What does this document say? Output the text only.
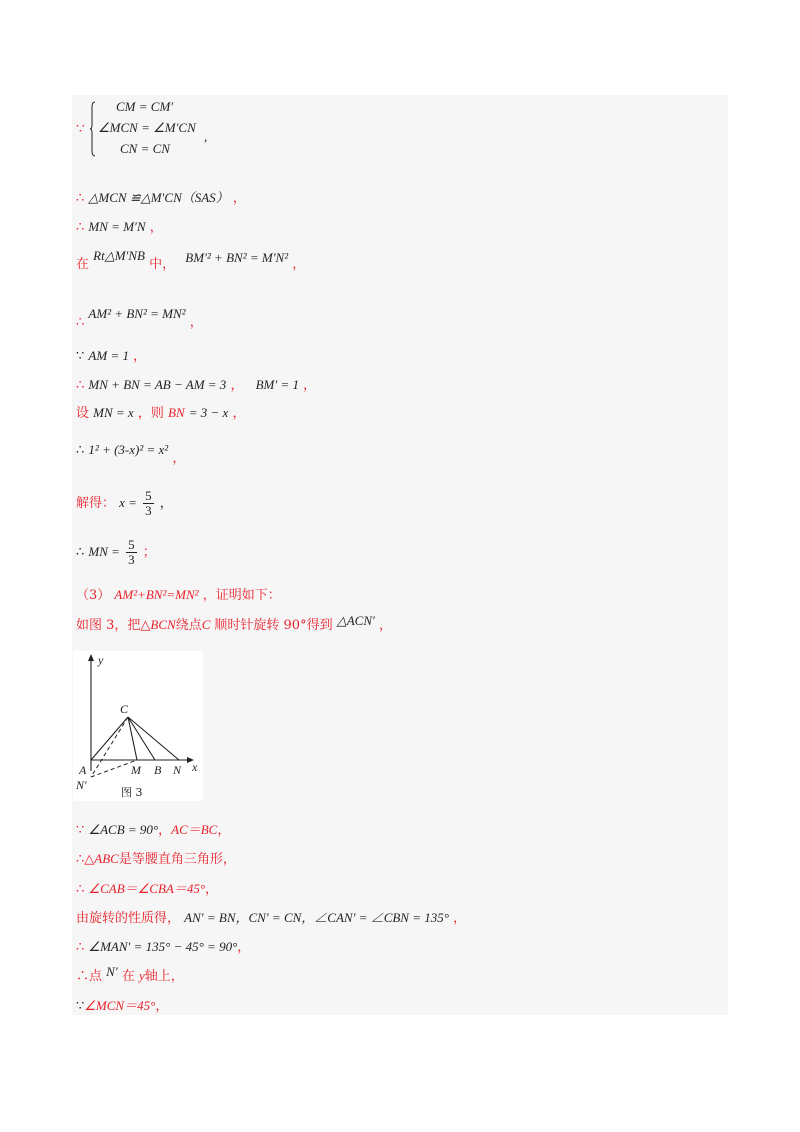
∵
CM = CM′
∠MCN = ∠M′CN
CN = CN
,
∴ △MCN ≌△M′CN（SAS） ，
∴ MN = M′N ，
在 Rt△M′NB 中， BM′² + BN² = M′N² ，
∴ AM² + BN² = MN² ，
∵ AM = 1 ，
∴ MN + BN = AB − AM = 3 ， BM′ = 1 ，
设 MN = x ，则 BN = 3 − x ，
∴ 1² + (3-x)² = x² ，
解得： $x = \frac{5}{3}$ ，
∴ MN = $\frac{5}{3}$ ；
（3） AM²+BN²=MN² ，证明如下：
如图 3，把△BCN绕点C 顺时针旋转 90°得到 △ACN′ ，
y
x
C
A
N′
M B N
图 3
∵ ∠ACB = 90°，AC＝BC，
∴△ABC是等腰直角三角形，
∴ ∠CAB＝∠CBA＝45°，
由旋转的性质得， AN′ = BN，CN′ = CN，∠CAN′ = ∠CBN = 135° ，
∴ ∠MAN′ = 135° − 45° = 90°，
∴点 N′ 在 y轴上，
∵∠MCN＝45°，
